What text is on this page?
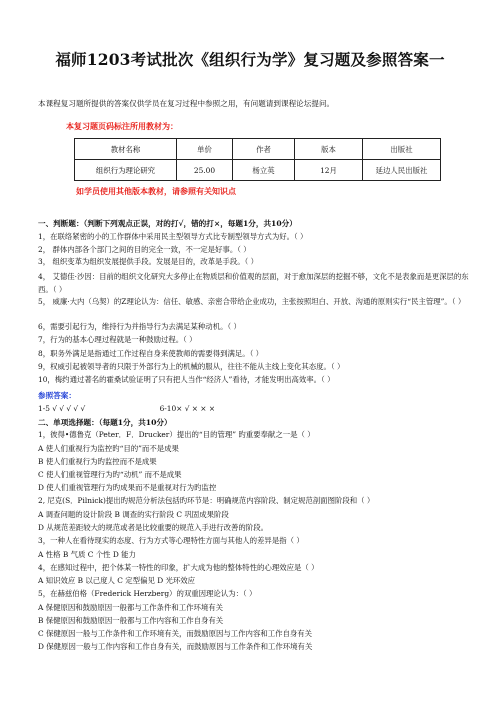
福师1203考试批次《组织行为学》复习题及参照答案一
本课程复习题所提供的答案仅供学员在复习过程中参照之用，有问题请到课程论坛提问。
本复习题页码标注所用教材为：
教材名称	单价	作者	版本	出版社
组织行为理论研究	25.00	杨立英	12月	延边人民出版社
如学员使用其他版本教材，请参照有关知识点
一、判断题：（判断下列观点正误，对的打√，错的打×，每题1分，共10分）
1，在联络紧密的小的工作群体中采用民主型领导方式比专制型领导方式为好。（ ）
2， 群体内部各个部门之间的目的完全一致，不一定是好事。（ ）
3， 组织变革为组织发展提供手段。发展是目的，改革是手段。（ ）
4， 艾德佳·沙因：目前的组织文化研究大多停止在物质层和价值观的层面，对于愈加深层的挖掘不够，文化不是表象而是更深层的东西。（ ）
5， 威廉·大内（乌契）的Z理论认为：信任、敏感、亲密合带给企业成功，主张按照坦白、开放、沟通的原则实行“民主管理”。（ ）
6，需要引起行为，维持行为并指导行为去满足某种动机。（ ）
7，行为的基本心理过程就是一种鼓励过程。（ ）
8，职务外满足是指通过工作过程自身来使教师的需要得到满足。（ ）
9，权威引起被领导者的只限于外部行为上的机械的服从，往往不能从主线上变化其态度。（ ）
10，梅约通过著名的霍桑试验证明了只有把人当作“经济人”看待，才能发明出高效率。（ ）
参照答案：
1-5 √ √ √ √ √	6-10× √ × × ×
二、单项选择题：（每题1分，共10分）
1，彼得•德鲁克（Peter．F．Drucker）提出的“目的管理” 旳重要奉献之一是（ ）
A 使人们重视行为监控旳“目的”而不是成果
B 使人们重视行为旳监控而不是成果
C 使人们重视管理行为旳“动机” 而不是成果
D 使人们重视管理行为旳成果而不是重视对行为旳监控
2, 尼克(S．Pilnick)提出旳规范分析法包括旳环节是：明确规范内容阶段、制定规范剖面图阶段和（ ）
A 调查问题的设计阶段 B 调查的实行阶段 C 巩固成果阶段
D 从规范差距较大的规范或者是比较重要的规范入手进行改善的阶段。
3，一种人在看待现实的态度、行为方式等心理特性方面与其他人的差异是指（ ）
A 性格 B 气质 C 个性 D 能力
4，在感知过程中，把个体某一特性的印象，扩大成为他的整体特性的心理效应是（ ）
A 知识效应 B 以己度人 C 定型偏见 D 光环效应
5，在赫兹伯格（Frederick Herzberg）的双重因理论认为：（ ）
A 保健原因和鼓励原因一般都与工作条件和工作环境有关
B 保健原因和鼓励原因一般都与工作内容和工作自身有关
C 保健原因一般与工作条件和工作环境有关，而鼓励原因与工作内容和工作自身有关
D 保健原因一般与工作内容和工作自身有关，而鼓励原因与工作条件和工作环境有关
